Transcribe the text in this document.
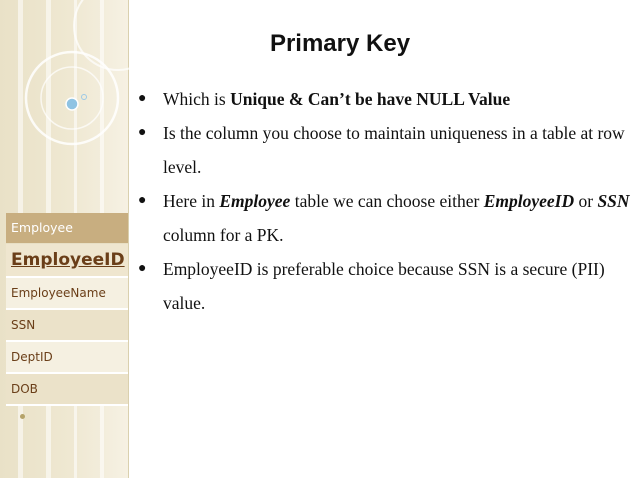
Primary Key
● Which is Unique & Can’t be have NULL Value
● Is the column you choose to maintain uniqueness in a table at row level.
● Here in Employee table we can choose either EmployeeID or SSN column for a PK.
● EmployeeID is preferable choice because SSN is a secure (PII) value.
Employee
EmployeeID
EmployeeName
SSN
DeptID
DOB
